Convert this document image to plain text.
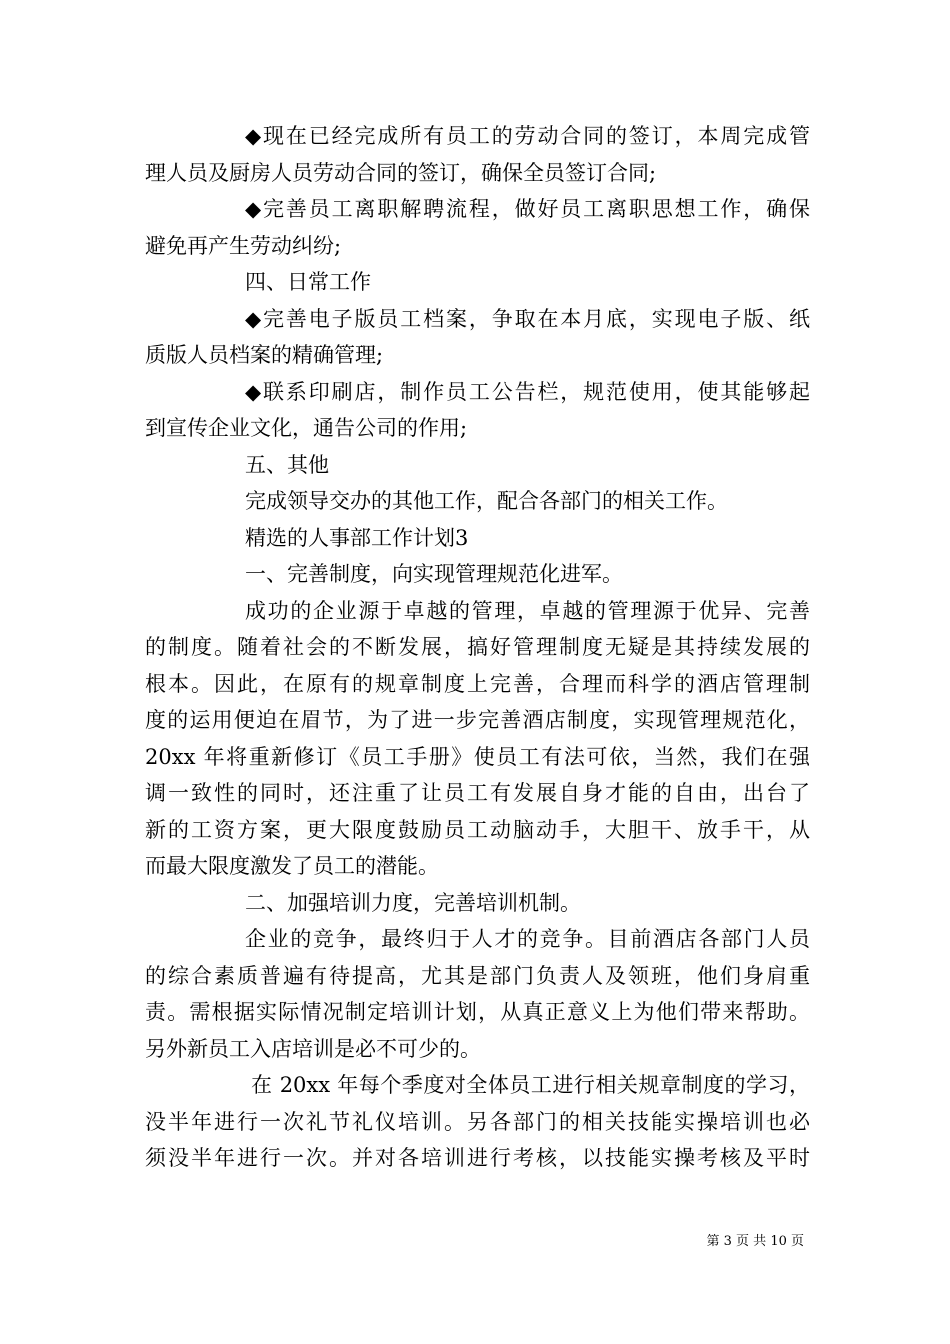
◆现在已经完成所有员工的劳动合同的签订，本周完成管
理人员及厨房人员劳动合同的签订，确保全员签订合同;
◆完善员工离职解聘流程，做好员工离职思想工作，确保
避免再产生劳动纠纷;
四、日常工作
◆完善电子版员工档案，争取在本月底，实现电子版、纸
质版人员档案的精确管理;
◆联系印刷店，制作员工公告栏，规范使用，使其能够起
到宣传企业文化，通告公司的作用;
五、其他
完成领导交办的其他工作，配合各部门的相关工作。
精选的人事部工作计划3
一、完善制度，向实现管理规范化进军。
成功的企业源于卓越的管理，卓越的管理源于优异、完善
的制度。随着社会的不断发展，搞好管理制度无疑是其持续发展的
根本。因此，在原有的规章制度上完善，合理而科学的酒店管理制
度的运用便迫在眉节，为了进一步完善酒店制度，实现管理规范化，
20xx 年将重新修订《员工手册》使员工有法可依，当然，我们在强
调一致性的同时，还注重了让员工有发展自身才能的自由，出台了
新的工资方案，更大限度鼓励员工动脑动手，大胆干、放手干，从
而最大限度激发了员工的潜能。
二、加强培训力度，完善培训机制。
企业的竞争，最终归于人才的竞争。目前酒店各部门人员
的综合素质普遍有待提高，尤其是部门负责人及领班，他们身肩重
责。需根据实际情况制定培训计划，从真正意义上为他们带来帮助。
另外新员工入店培训是必不可少的。
在 20xx 年每个季度对全体员工进行相关规章制度的学习，
没半年进行一次礼节礼仪培训。另各部门的相关技能实操培训也必
须没半年进行一次。并对各培训进行考核，以技能实操考核及平时
第 3 页 共 10 页
